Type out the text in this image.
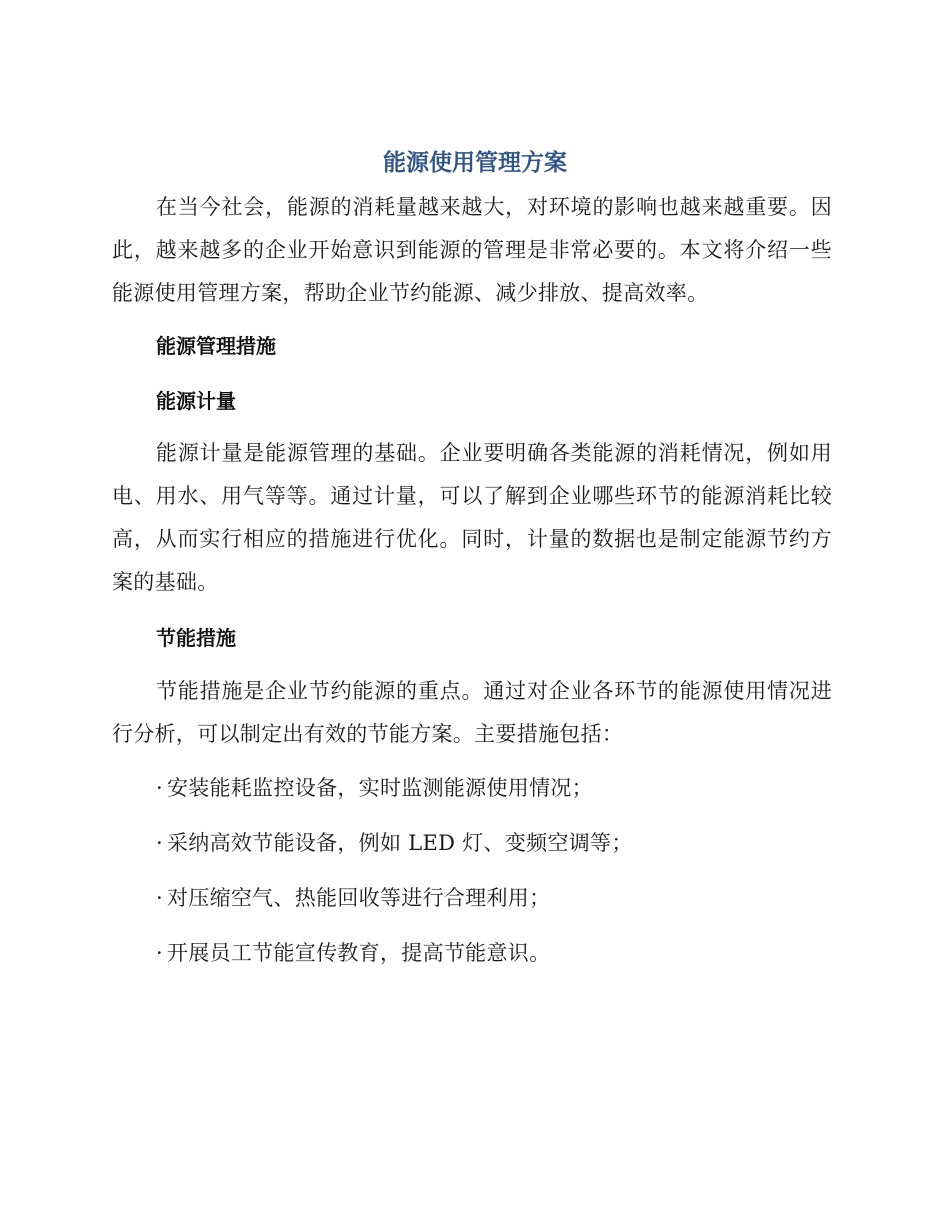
能源使用管理方案

在当今社会，能源的消耗量越来越大，对环境的影响也越来越重要。因此，越来越多的企业开始意识到能源的管理是非常必要的。本文将介绍一些能源使用管理方案，帮助企业节约能源、减少排放、提高效率。

能源管理措施
能源计量

能源计量是能源管理的基础。企业要明确各类能源的消耗情况，例如用电、用水、用气等等。通过计量，可以了解到企业哪些环节的能源消耗比较高，从而实行相应的措施进行优化。同时，计量的数据也是制定能源节约方案的基础。

节能措施

节能措施是企业节约能源的重点。通过对企业各环节的能源使用情况进行分析，可以制定出有效的节能方案。主要措施包括：

· 安装能耗监控设备，实时监测能源使用情况；

· 采纳高效节能设备，例如 LED 灯、变频空调等；

· 对压缩空气、热能回收等进行合理利用；

· 开展员工节能宣传教育，提高节能意识。
